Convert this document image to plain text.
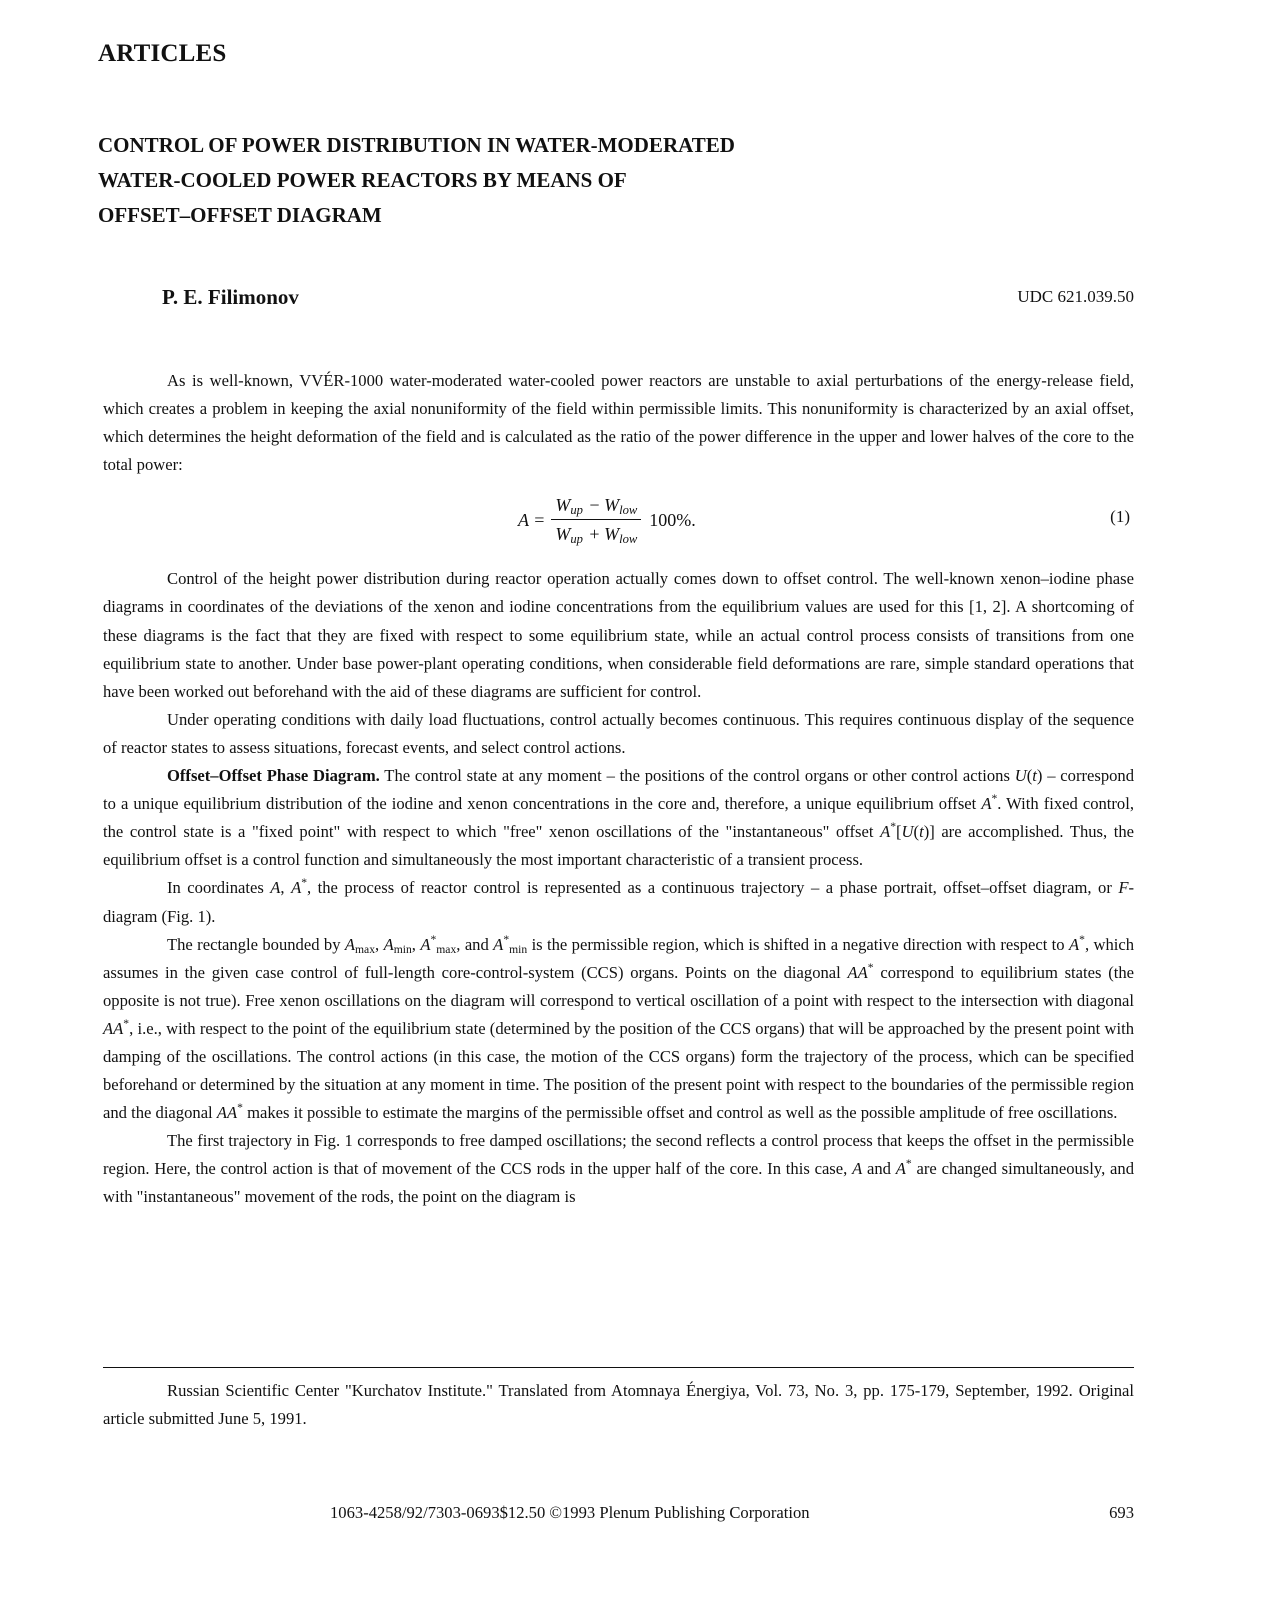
ARTICLES
CONTROL OF POWER DISTRIBUTION IN WATER-MODERATED
WATER-COOLED POWER REACTORS BY MEANS OF
OFFSET–OFFSET DIAGRAM
P. E. Filimonov	UDC 621.039.50

As is well-known, VVÉR-1000 water-moderated water-cooled power reactors are unstable to axial perturbations of the energy-release field, which creates a problem in keeping the axial nonuniformity of the field within permissible limits. This nonuniformity is characterized by an axial offset, which determines the height deformation of the field and is calculated as the ratio of the power difference in the upper and lower halves of the core to the total power:

$A = \frac{W_{up} - W_{low}}{W_{up} + W_{low}} 100\%$.	(1)

Control of the height power distribution during reactor operation actually comes down to offset control. The well-known xenon–iodine phase diagrams in coordinates of the deviations of the xenon and iodine concentrations from the equilibrium values are used for this [1, 2]. A shortcoming of these diagrams is the fact that they are fixed with respect to some equilibrium state, while an actual control process consists of transitions from one equilibrium state to another. Under base power-plant operating conditions, when considerable field deformations are rare, simple standard operations that have been worked out beforehand with the aid of these diagrams are sufficient for control.

Under operating conditions with daily load fluctuations, control actually becomes continuous. This requires continuous display of the sequence of reactor states to assess situations, forecast events, and select control actions.

Offset–Offset Phase Diagram. The control state at any moment – the positions of the control organs or other control actions U(t) – correspond to a unique equilibrium distribution of the iodine and xenon concentrations in the core and, therefore, a unique equilibrium offset A*. With fixed control, the control state is a "fixed point" with respect to which "free" xenon oscillations of the "instantaneous" offset A*[U(t)] are accomplished. Thus, the equilibrium offset is a control function and simultaneously the most important characteristic of a transient process.

In coordinates A, A*, the process of reactor control is represented as a continuous trajectory – a phase portrait, offset–offset diagram, or F-diagram (Fig. 1).

The rectangle bounded by $A_{max}$, $A_{min}$, $A^*_{max}$, and $A^*_{min}$ is the permissible region, which is shifted in a negative direction with respect to A*, which assumes in the given case control of full-length core-control-system (CCS) organs. Points on the diagonal AA* correspond to equilibrium states (the opposite is not true). Free xenon oscillations on the diagram will correspond to vertical oscillation of a point with respect to the intersection with diagonal AA*, i.e., with respect to the point of the equilibrium state (determined by the position of the CCS organs) that will be approached by the present point with damping of the oscillations. The control actions (in this case, the motion of the CCS organs) form the trajectory of the process, which can be specified beforehand or determined by the situation at any moment in time. The position of the present point with respect to the boundaries of the permissible region and the diagonal AA* makes it possible to estimate the margins of the permissible offset and control as well as the possible amplitude of free oscillations.

The first trajectory in Fig. 1 corresponds to free damped oscillations; the second reflects a control process that keeps the offset in the permissible region. Here, the control action is that of movement of the CCS rods in the upper half of the core. In this case, A and A* are changed simultaneously, and with "instantaneous" movement of the rods, the point on the diagram is

Russian Scientific Center "Kurchatov Institute." Translated from Atomnaya Énergiya, Vol. 73, No. 3, pp. 175-179, September, 1992. Original article submitted June 5, 1991.

1063-4258/92/7303-0693$12.50 ©1993 Plenum Publishing Corporation	693
